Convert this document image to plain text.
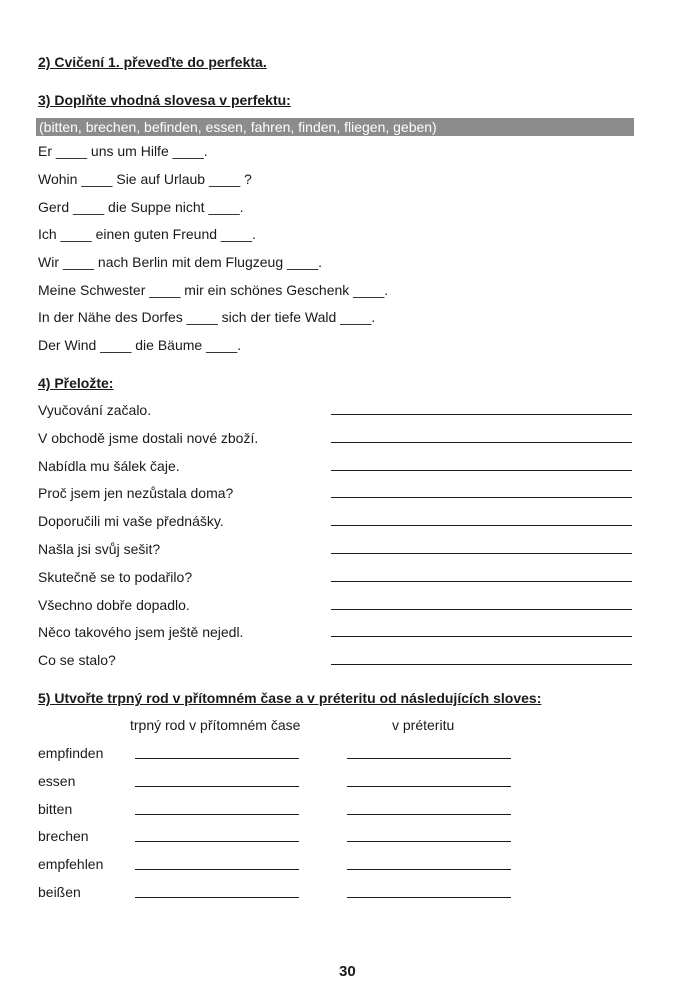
2) Cvičení 1. převeďte do perfekta.
3) Doplňte vhodná slovesa v perfektu:
(bitten, brechen, befinden, essen, fahren, finden, fliegen, geben)
Er ____ uns um Hilfe ____.
Wohin ____ Sie auf Urlaub ____ ?
Gerd ____ die Suppe nicht ____.
Ich ____ einen guten Freund ____.
Wir ____ nach Berlin mit dem Flugzeug ____.
Meine Schwester ____ mir ein schönes Geschenk ____.
In der Nähe des Dorfes ____ sich der tiefe Wald ____.
Der Wind ____ die Bäume ____.
4) Přeložte:
Vyučování začalo.
V obchodě jsme dostali nové zboží.
Nabídla mu šálek čaje.
Proč jsem jen nezůstala doma?
Doporučili mi vaše přednášky.
Našla jsi svůj sešit?
Skutečně se to podařilo?
Všechno dobře dopadlo.
Něco takového jsem ještě nejedl.
Co se stalo?
5) Utvořte trpný rod v přítomném čase a v préteritu od následujících sloves:
trpný rod v přítomném čase	v préteritu
empfinden
essen
bitten
brechen
empfehlen
beißen
30
